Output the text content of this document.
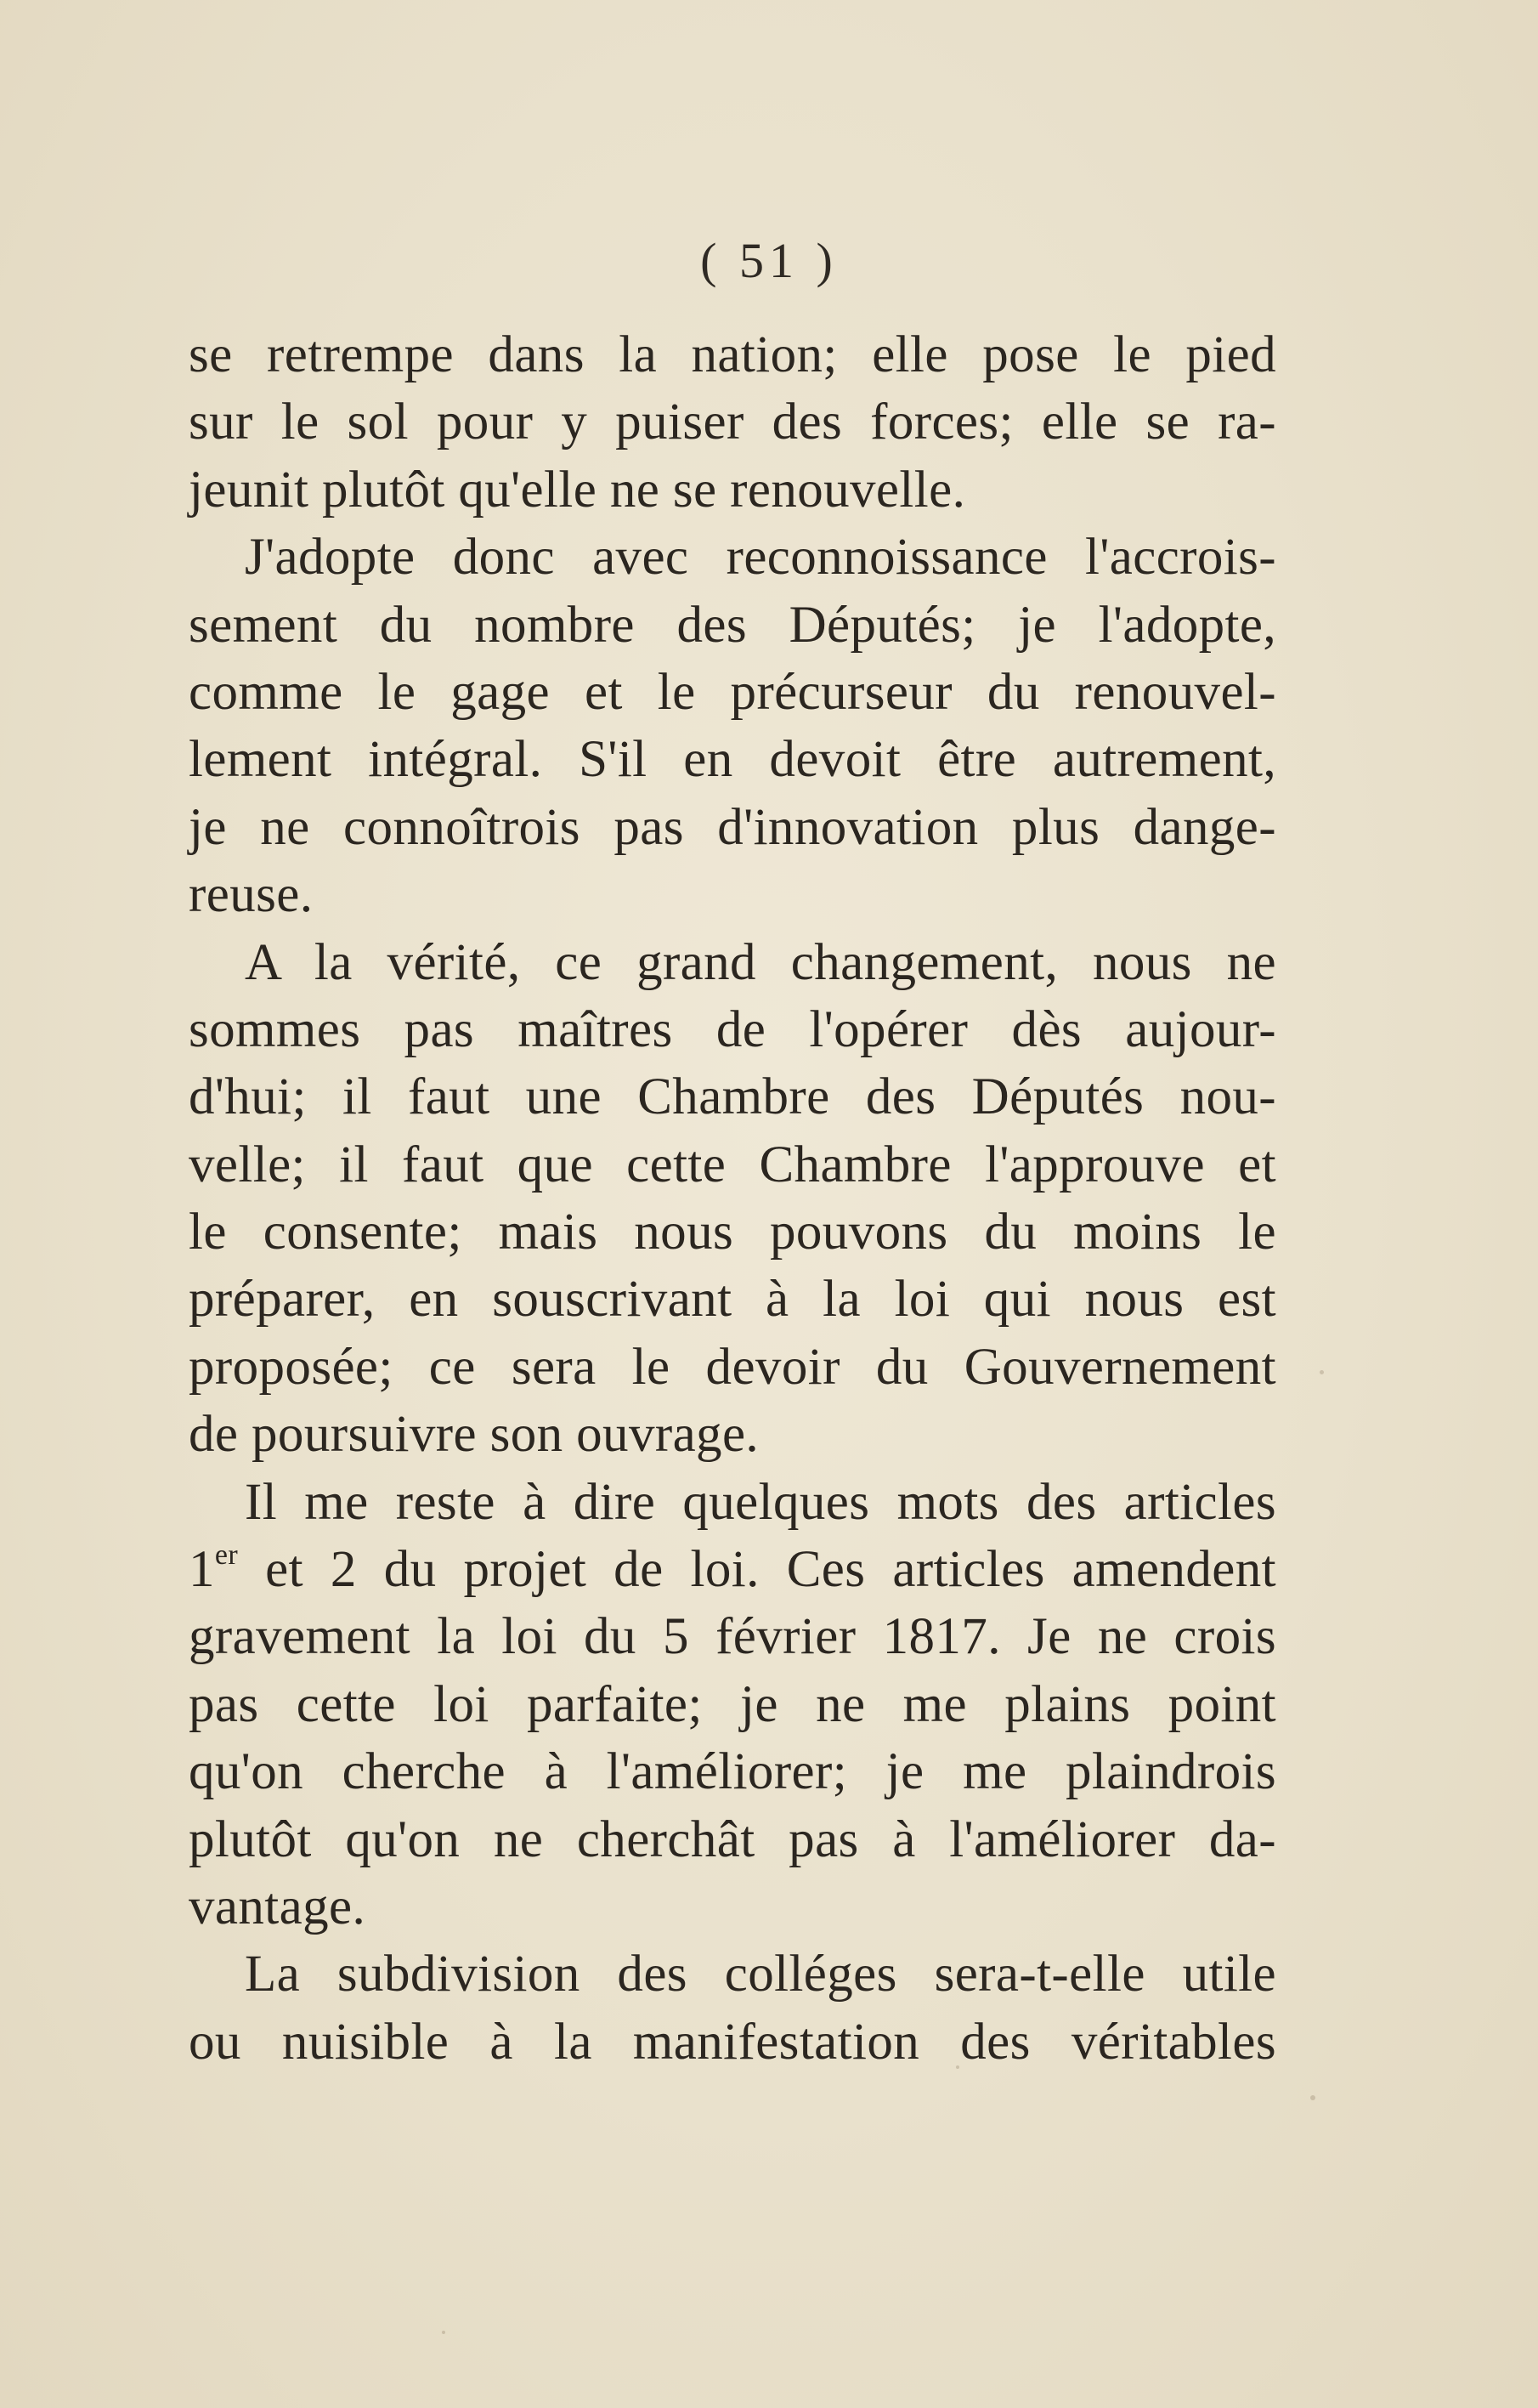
( 51 )
se retrempe dans la nation; elle pose le pied
sur le sol pour y puiser des forces; elle se ra-
jeunit plutôt qu'elle ne se renouvelle.
J'adopte donc avec reconnoissance l'accrois-
sement du nombre des Députés; je l'adopte,
comme le gage et le précurseur du renouvel-
lement intégral. S'il en devoit être autrement,
je ne connoîtrois pas d'innovation plus dange-
reuse.
A la vérité, ce grand changement, nous ne
sommes pas maîtres de l'opérer dès aujour-
d'hui; il faut une Chambre des Députés nou-
velle; il faut que cette Chambre l'approuve et
le consente; mais nous pouvons du moins le
préparer, en souscrivant à la loi qui nous est
proposée; ce sera le devoir du Gouvernement
de poursuivre son ouvrage.
Il me reste à dire quelques mots des articles
1er et 2 du projet de loi. Ces articles amendent
gravement la loi du 5 février 1817. Je ne crois
pas cette loi parfaite; je ne me plains point
qu'on cherche à l'améliorer; je me plaindrois
plutôt qu'on ne cherchât pas à l'améliorer da-
vantage.
La subdivision des colléges sera-t-elle utile
ou nuisible à la manifestation des véritables
